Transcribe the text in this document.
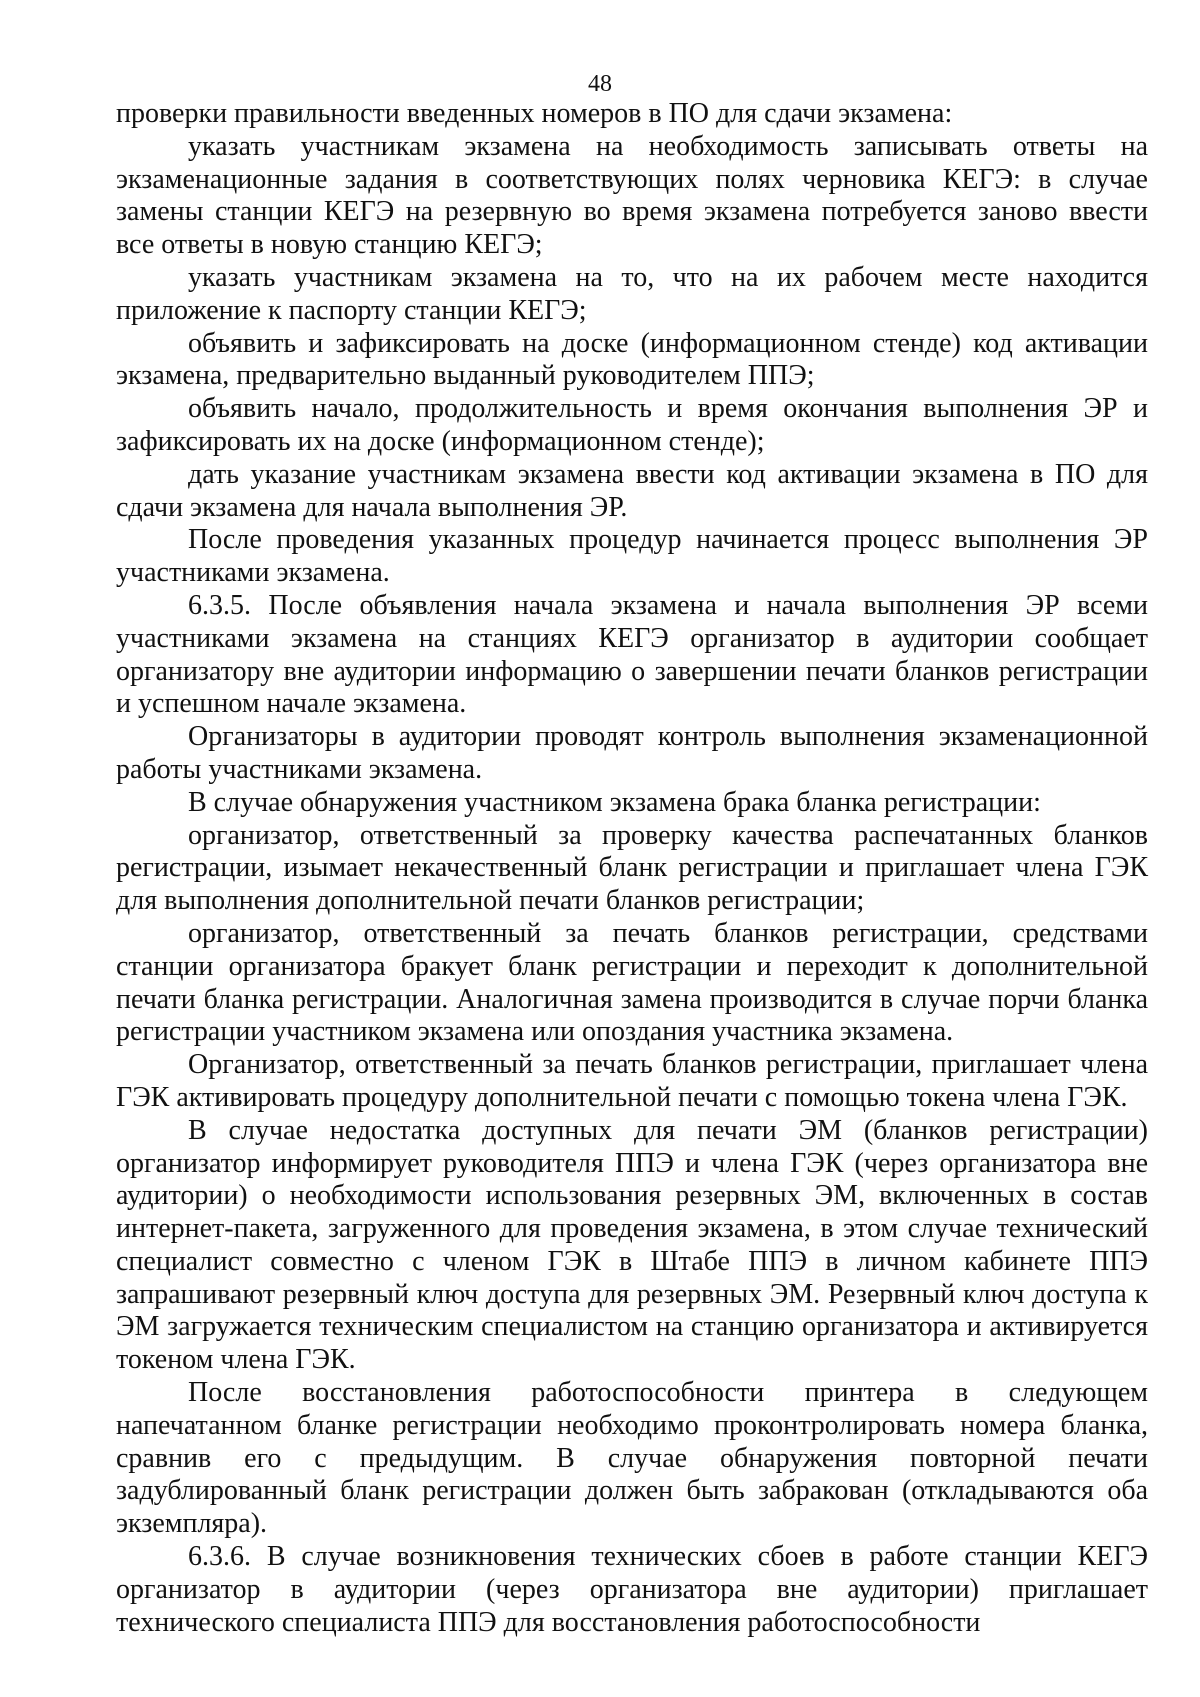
48

проверки правильности введенных номеров в ПО для сдачи экзамена:

указать участникам экзамена на необходимость записывать ответы на экзаменационные задания в соответствующих полях черновика КЕГЭ: в случае замены станции КЕГЭ на резервную во время экзамена потребуется заново ввести все ответы в новую станцию КЕГЭ;

указать участникам экзамена на то, что на их рабочем месте находится приложение к паспорту станции КЕГЭ;

объявить и зафиксировать на доске (информационном стенде) код активации экзамена, предварительно выданный руководителем ППЭ;

объявить начало, продолжительность и время окончания выполнения ЭР и зафиксировать их на доске (информационном стенде);

дать указание участникам экзамена ввести код активации экзамена в ПО для сдачи экзамена для начала выполнения ЭР.

После проведения указанных процедур начинается процесс выполнения ЭР участниками экзамена.

6.3.5. После объявления начала экзамена и начала выполнения ЭР всеми участниками экзамена на станциях КЕГЭ организатор в аудитории сообщает организатору вне аудитории информацию о завершении печати бланков регистрации и успешном начале экзамена.

Организаторы в аудитории проводят контроль выполнения экзаменационной работы участниками экзамена.

В случае обнаружения участником экзамена брака бланка регистрации:

организатор, ответственный за проверку качества распечатанных бланков регистрации, изымает некачественный бланк регистрации и приглашает члена ГЭК для выполнения дополнительной печати бланков регистрации;

организатор, ответственный за печать бланков регистрации, средствами станции организатора бракует бланк регистрации и переходит к дополнительной печати бланка регистрации. Аналогичная замена производится в случае порчи бланка регистрации участником экзамена или опоздания участника экзамена.

Организатор, ответственный за печать бланков регистрации, приглашает члена ГЭК активировать процедуру дополнительной печати с помощью токена члена ГЭК.

В случае недостатка доступных для печати ЭМ (бланков регистрации) организатор информирует руководителя ППЭ и члена ГЭК (через организатора вне аудитории) о необходимости использования резервных ЭМ, включенных в состав интернет-пакета, загруженного для проведения экзамена, в этом случае технический специалист совместно с членом ГЭК в Штабе ППЭ в личном кабинете ППЭ запрашивают резервный ключ доступа для резервных ЭМ. Резервный ключ доступа к ЭМ загружается техническим специалистом на станцию организатора и активируется токеном члена ГЭК.

После восстановления работоспособности принтера в следующем напечатанном бланке регистрации необходимо проконтролировать номера бланка, сравнив его с предыдущим. В случае обнаружения повторной печати задублированный бланк регистрации должен быть забракован (откладываются оба экземпляра).

6.3.6. В случае возникновения технических сбоев в работе станции КЕГЭ организатор в аудитории (через организатора вне аудитории) приглашает технического специалиста ППЭ для восстановления работоспособности
